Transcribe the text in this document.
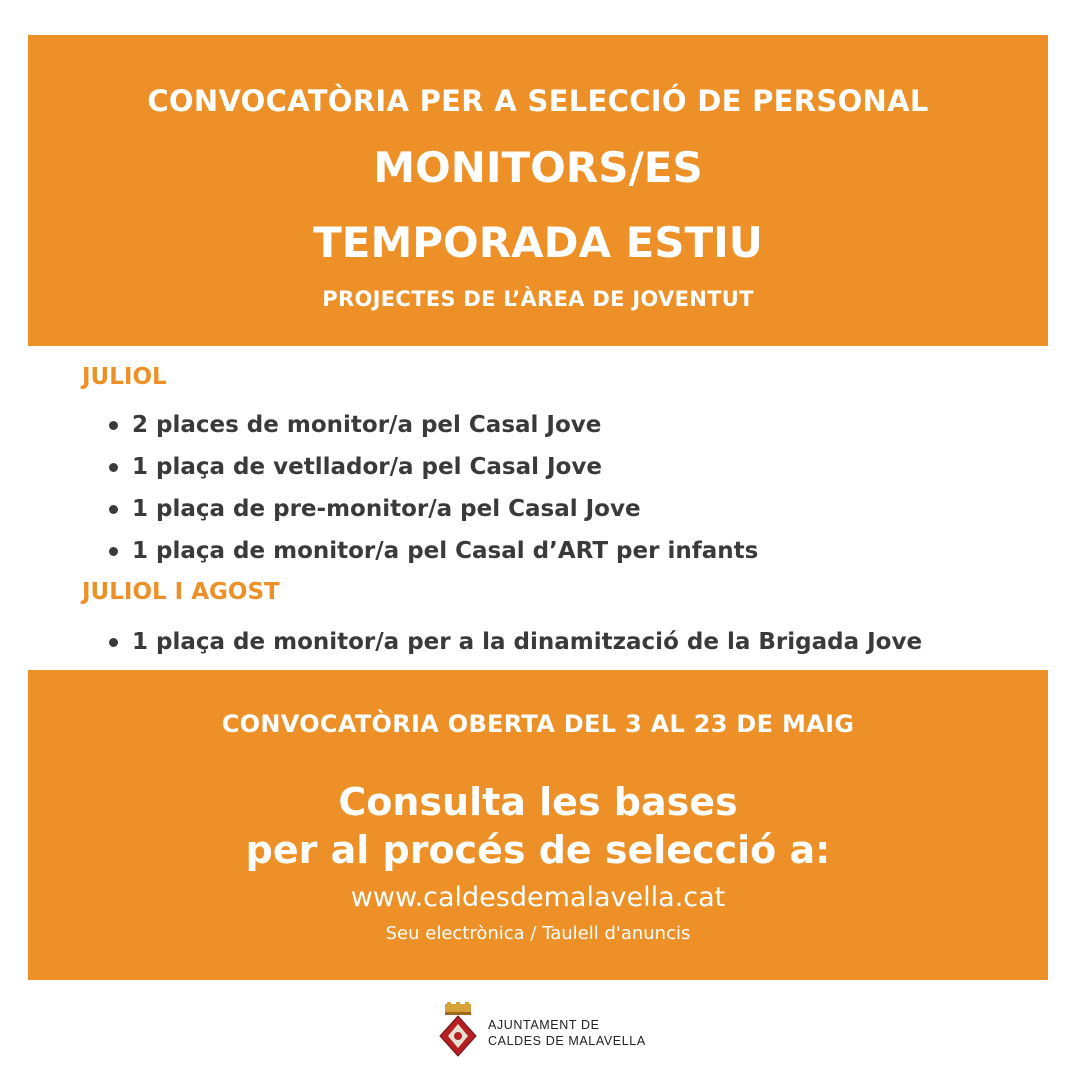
CONVOCATÒRIA PER A SELECCIÓ DE PERSONAL
MONITORS/ES
TEMPORADA ESTIU
PROJECTES DE L’ÀREA DE JOVENTUT
JULIOL
2 places de monitor/a pel Casal Jove
1 plaça de vetllador/a pel Casal Jove
1 plaça de pre-monitor/a pel Casal Jove
1 plaça de monitor/a pel Casal d’ART per infants
JULIOL I AGOST
1 plaça de monitor/a per a la dinamització de la Brigada Jove
CONVOCATÒRIA OBERTA DEL 3 AL 23 DE MAIG
Consulta les bases
per al procés de selecció a:
www.caldesdemalavella.cat
Seu electrònica / Taulell d'anuncis
AJUNTAMENT DE
CALDES DE MALAVELLA
